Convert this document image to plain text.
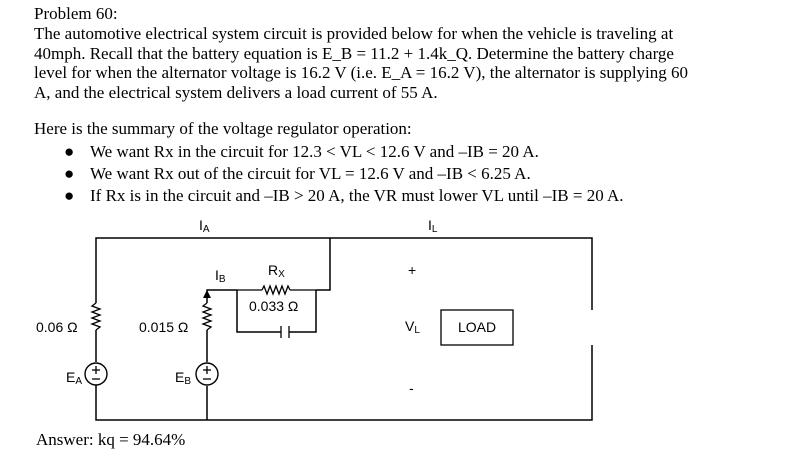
Problem 60:
The automotive electrical system circuit is provided below for when the vehicle is traveling at
40mph. Recall that the battery equation is E_B = 11.2 + 1.4k_Q. Determine the battery charge
level for when the alternator voltage is 16.2 V (i.e. E_A = 16.2 V), the alternator is supplying 60
A, and the electrical system delivers a load current of 55 A.
Here is the summary of the voltage regulator operation:
● We want Rx in the circuit for 12.3 < VL < 12.6 V and –IB = 20 A.
● We want Rx out of the circuit for VL = 12.6 V and –IB < 6.25 A.
● If Rx is in the circuit and –IB > 20 A, the VR must lower VL until –IB = 20 A.
IA	IL
IB
RX
0.033 Ω
0.06 Ω	0.015 Ω
EA	EB
+
-
VL	LOAD
Answer: kq = 94.64%
